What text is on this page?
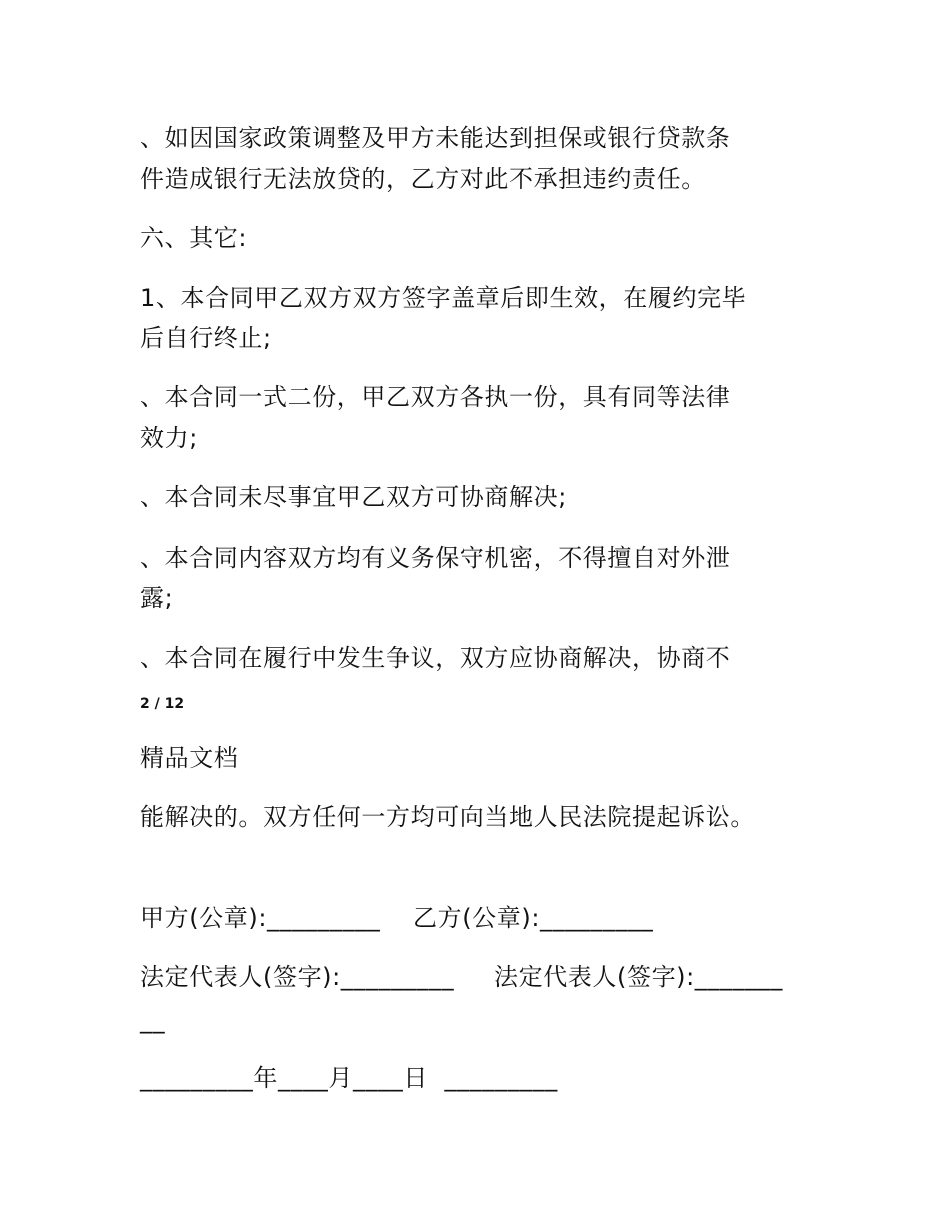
、如因国家政策调整及甲方未能达到担保或银行贷款条

件造成银行无法放贷的，乙方对此不承担违约责任。

六、其它:

1、本合同甲乙双方双方签字盖章后即生效，在履约完毕

后自行终止;

、本合同一式二份，甲乙双方各执一份，具有同等法律

效力;

、本合同未尽事宜甲乙双方可协商解决;

、本合同内容双方均有义务保守机密，不得擅自对外泄

露;

、本合同在履行中发生争议，双方应协商解决，协商不

2 / 12

精品文档

能解决的。双方任何一方均可向当地人民法院提起诉讼。

甲方(公章):_________ 乙方(公章):_________

法定代表人(签字):_________ 法定代表人(签字):_______

__

_________年____月____日  _________
